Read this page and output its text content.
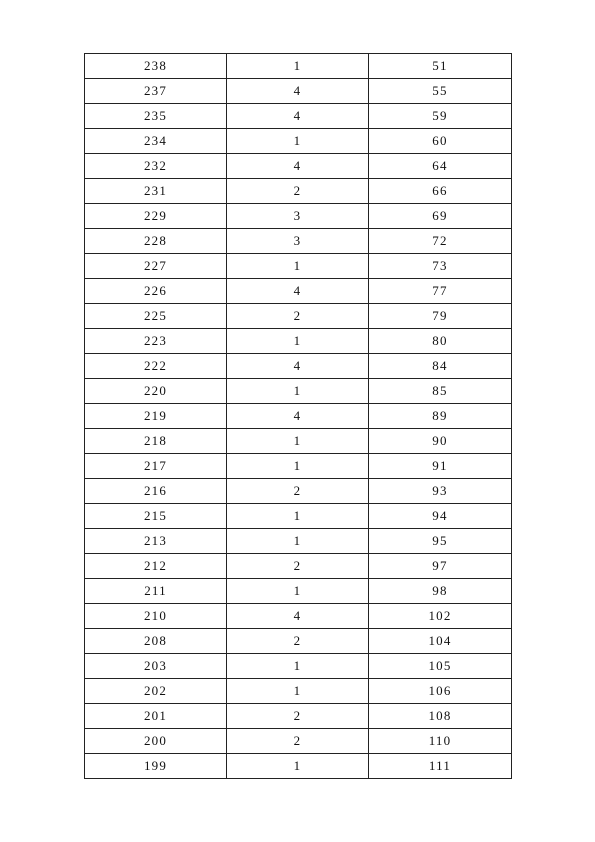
238	1	51
237	4	55
235	4	59
234	1	60
232	4	64
231	2	66
229	3	69
228	3	72
227	1	73
226	4	77
225	2	79
223	1	80
222	4	84
220	1	85
219	4	89
218	1	90
217	1	91
216	2	93
215	1	94
213	1	95
212	2	97
211	1	98
210	4	102
208	2	104
203	1	105
202	1	106
201	2	108
200	2	110
199	1	111
